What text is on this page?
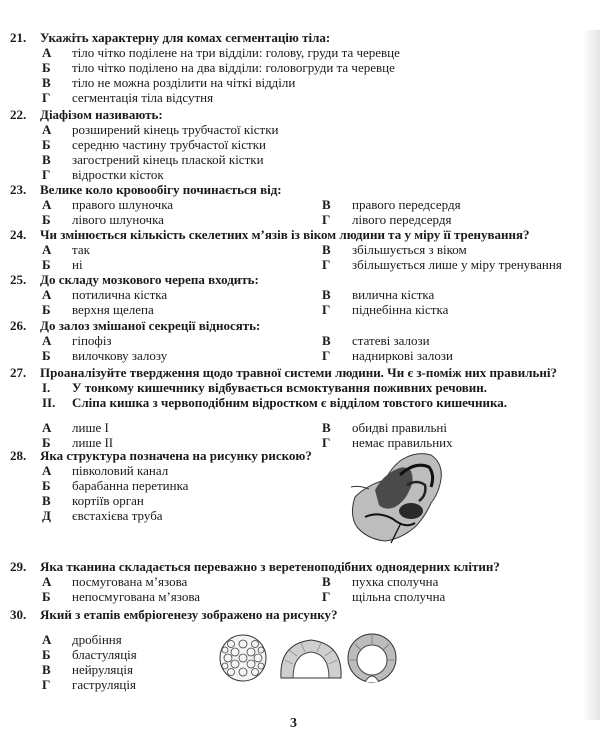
21. Укажіть характерну для комах сегментацію тіла:
А тіло чітко поділене на три відділи: голову, груди та черевце
Б тіло чітко поділено на два відділи: головогруди та черевце
В тіло не можна розділити на чіткі відділи
Г сегментація тіла відсутня
22. Діафізом називають:
А розширений кінець трубчастої кістки
Б середню частину трубчастої кістки
В загострений кінець плаской кістки
Г відростки кісток
23. Велике коло кровообігу починається від:
А правого шлуночка	В правого передсердя
Б лівого шлуночка	Г лівого передсердя
24. Чи змінюється кількість скелетних м’язів із віком людини та у міру її тренування?
А так	В збільшується з віком
Б ні	Г збільшується лише у міру тренування
25. До складу мозкового черепа входить:
А потилична кістка	В вилична кістка
Б верхня щелепа	Г піднебінна кістка
26. До залоз змішаної секреції відносять:
А гіпофіз	В статеві залози
Б вилочкову залозу	Г надниркові залози
27. Проаналізуйте твердження щодо травної системи людини. Чи є з-поміж них правильні?
I. У тонкому кишечнику відбувається всмоктування поживних речовин.
II. Сліпа кишка з червоподібним відростком є відділом товстого кишечника.
А лише I	В обидві правильні
Б лише II	Г немає правильних
28. Яка структура позначена на рисунку рискою?
А півколовий канал
Б барабанна перетинка
В кортіїв орган
Д євстахієва труба
29. Яка тканина складається переважно з веретеноподібних одноядерних клітин?
А посмугована м’язова	В пухка сполучна
Б непосмугована м’язова	Г щільна сполучна
30. Який з етапів ембріогенезу зображено на рисунку?
А дробіння
Б бластуляція
В нейруляція
Г гаструляція
3
